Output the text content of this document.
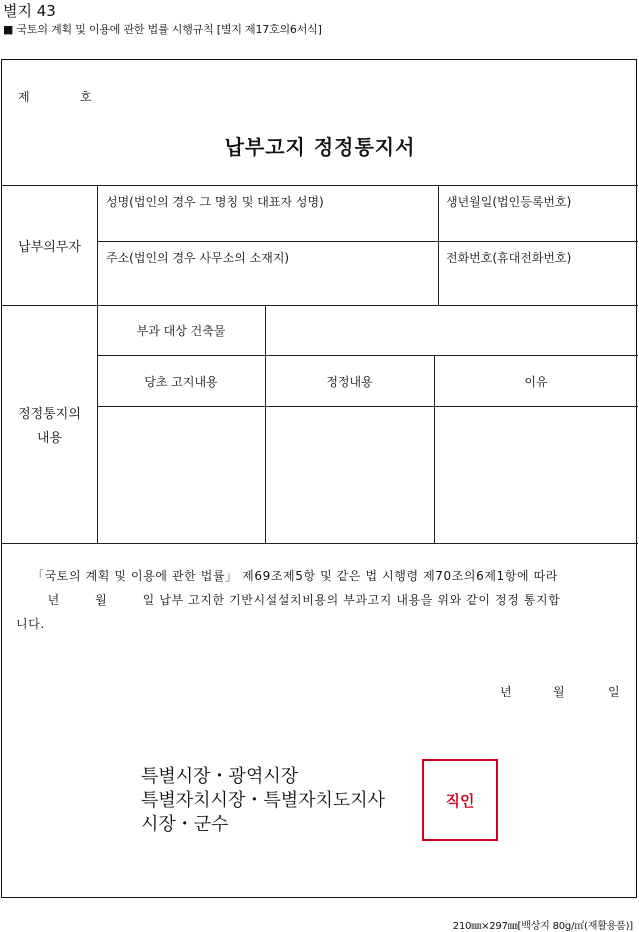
별지 43
■ 국토의 계획 및 이용에 관한 법률 시행규칙 [별지 제17호의6서식]
제	호
납부고지 정정통지서
납부의무자
성명(법인의 경우 그 명칭 및 대표자 성명)	생년월일(법인등록번호)
주소(법인의 경우 사무소의 소재지)	전화번호(휴대전화번호)
정정통지의
내용
부과 대상 건축물
당초 고지내용	정정내용	이유
「국토의 계획 및 이용에 관한 법률」 제69조제5항 및 같은 법 시행령 제70조의6제1항에 따라
년        월        일 납부 고지한 기반시설설치비용의 부과고지 내용을 위와 같이 정정 통지합
니다.
년	월	일
특별시장・광역시장
특별자치시장・특별자치도지사
시장・군수
직인
210㎜×297㎜[백상지 80g/㎡(재활용품)]
